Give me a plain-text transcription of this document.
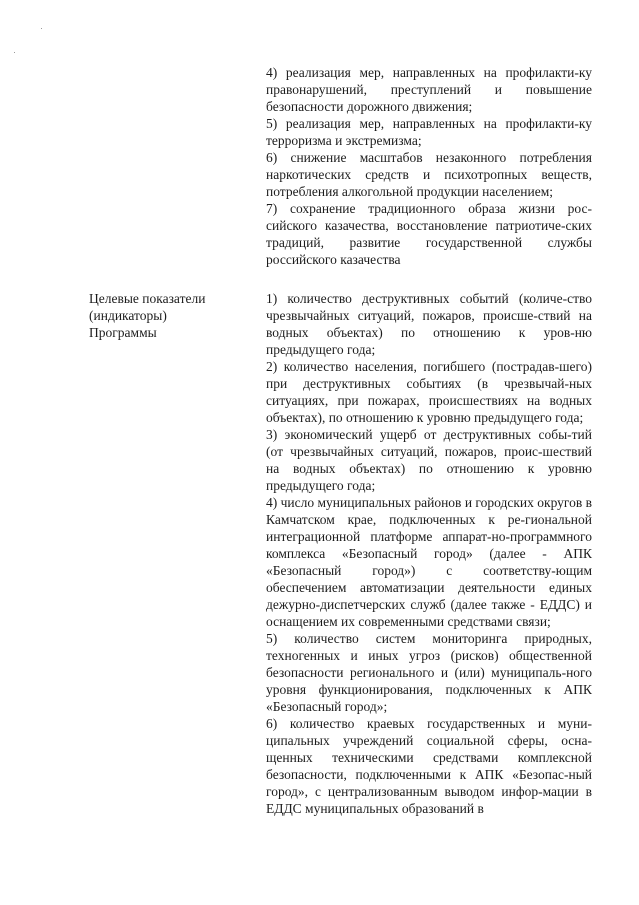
4) реализация мер, направленных на профилакти-ку правонарушений, преступлений и повышение безопасности дорожного движения;

5) реализация мер, направленных на профилакти-ку терроризма и экстремизма;

6) снижение масштабов незаконного потребления наркотических средств и психотропных веществ, потребления алкогольной продукции населением;

7) сохранение традиционного образа жизни рос-сийского казачества, восстановление патриотиче-ских традиций, развитие государственной службы российского казачества

Целевые показатели
(индикаторы)
Программы

1) количество деструктивных событий (количе-ство чрезвычайных ситуаций, пожаров, происше-ствий на водных объектах) по отношению к уров-ню предыдущего года;

2) количество населения, погибшего (пострадав-шего) при деструктивных событиях (в чрезвычай-ных ситуациях, при пожарах, происшествиях на водных объектах), по отношению к уровню предыдущего года;

3) экономический ущерб от деструктивных собы-тий (от чрезвычайных ситуаций, пожаров, проис-шествий на водных объектах) по отношению к уровню предыдущего года;

4) число муниципальных районов и городских округов в Камчатском крае, подключенных к ре-гиональной интеграционной платформе аппарат-но-программного комплекса «Безопасный город» (далее - АПК «Безопасный город») с соответству-ющим обеспечением автоматизации деятельности единых дежурно-диспетчерских служб (далее также - ЕДДС) и оснащением их современными средствами связи;

5) количество систем мониторинга природных, техногенных и иных угроз (рисков) общественной безопасности регионального и (или) муниципаль-ного уровня функционирования, подключенных к АПК «Безопасный город»;

6) количество краевых государственных и муни-ципальных учреждений социальной сферы, осна-щенных техническими средствами комплексной безопасности, подключенными к АПК «Безопас-ный город», с централизованным выводом инфор-мации в ЕДДС муниципальных образований в
